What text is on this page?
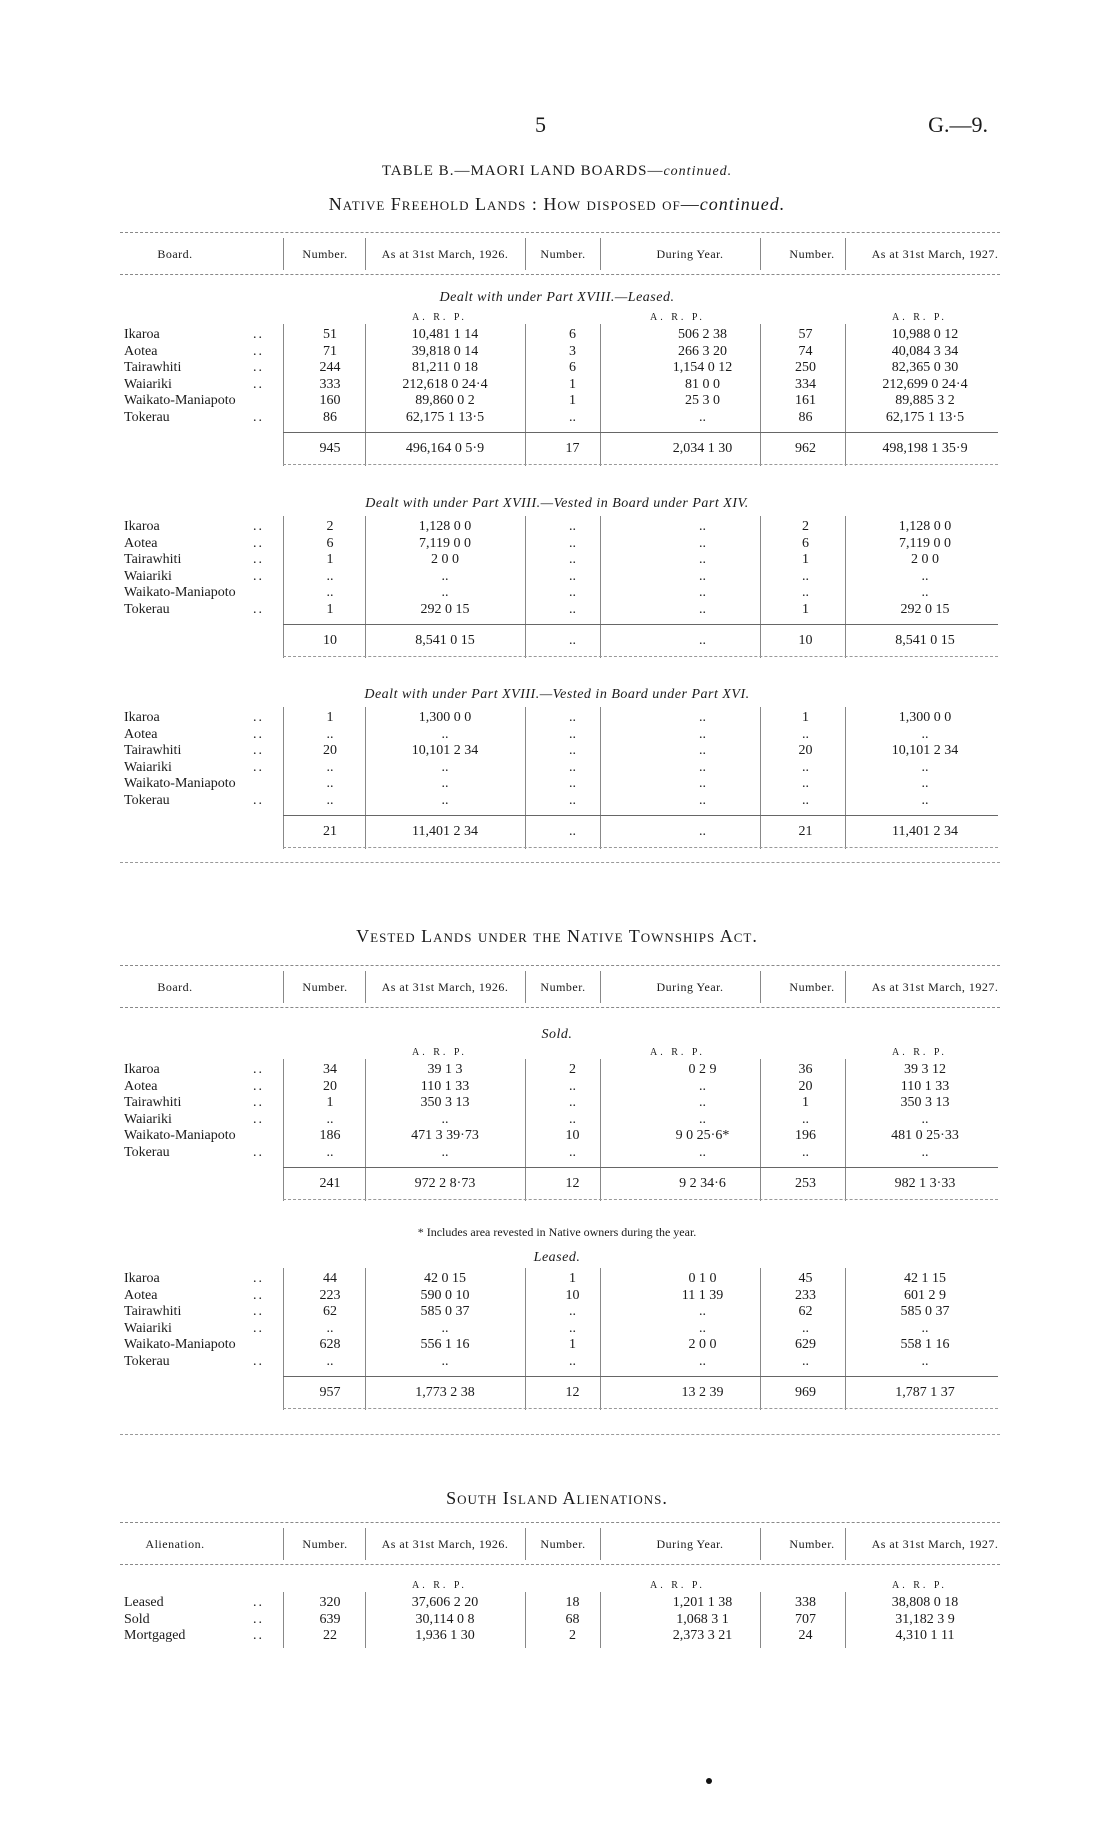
5	G.—9.
TABLE B.—MAORI LAND BOARDS—continued.
Native Freehold Lands : How disposed of—continued.
Board.	Number.	As at 31st March, 1926.	Number.	During Year.	Number.	As at 31st March, 1927.
Dealt with under Part XVIII.—Leased.
A. R. P.	A. R. P.	A. R. P.
Ikaroa	..	51	10,481 1 14	6	506 2 38	57	10,988 0 12
Aotea	..	71	39,818 0 14	3	266 3 20	74	40,084 3 34
Tairawhiti	..	244	81,211 0 18	6	1,154 0 12	250	82,365 0 30
Waiariki	..	333	212,618 0 24·4	1	81 0 0	334	212,699 0 24·4
Waikato-Maniapoto	160	89,860 0 2	1	25 3 0	161	89,885 3 2
Tokerau	..	86	62,175 1 13·5	..	..	86	62,175 1 13·5
945	496,164 0 5·9	17	2,034 1 30	962	498,198 1 35·9
Dealt with under Part XVIII.—Vested in Board under Part XIV.
Ikaroa	..	2	1,128 0 0	..	..	2	1,128 0 0
Aotea	..	6	7,119 0 0	..	..	6	7,119 0 0
Tairawhiti	..	1	2 0 0	..	..	1	2 0 0
Waiariki	..	..	..	..	..	..	..
Waikato-Maniapoto	..	..	..	..	..	..
Tokerau	..	1	292 0 15	..	..	1	292 0 15
10	8,541 0 15	..	..	10	8,541 0 15
Dealt with under Part XVIII.—Vested in Board under Part XVI.
Ikaroa	..	1	1,300 0 0	..	..	1	1,300 0 0
Aotea	..	..	..	..	..	..	..
Tairawhiti	..	20	10,101 2 34	..	..	20	10,101 2 34
Waiariki	..	..	..	..	..	..	..
Waikato-Maniapoto	..	..	..	..	..	..
Tokerau	..	..	..	..	..	..	..
21	11,401 2 34	..	..	21	11,401 2 34
Vested Lands under the Native Townships Act.
Board.	Number.	As at 31st March, 1926.	Number.	During Year.	Number.	As at 31st March, 1927.
Sold.
A. R. P.	A. R. P.	A. R. P.
Ikaroa	..	34	39 1 3	2	0 2 9	36	39 3 12
Aotea	..	20	110 1 33	..	..	20	110 1 33
Tairawhiti	..	1	350 3 13	..	..	1	350 3 13
Waiariki	..	..	..	..	..	..	..
Waikato-Maniapoto	186	471 3 39·73	10	9 0 25·6*	196	481 0 25·33
Tokerau	..	..	..	..	..	..	..
241	972 2 8·73	12	9 2 34·6	253	982 1 3·33
* Includes area revested in Native owners during the year.
Leased.
Ikaroa	..	44	42 0 15	1	0 1 0	45	42 1 15
Aotea	..	223	590 0 10	10	11 1 39	233	601 2 9
Tairawhiti	..	62	585 0 37	..	..	62	585 0 37
Waiariki	..	..	..	..	..	..	..
Waikato-Maniapoto	628	556 1 16	1	2 0 0	629	558 1 16
Tokerau	..	..	..	..	..	..	..
957	1,773 2 38	12	13 2 39	969	1,787 1 37
South Island Alienations.
Alienation.	Number.	As at 31st March, 1926.	Number.	During Year.	Number.	As at 31st March, 1927.
A. R. P.	A. R. P.	A. R. P.
Leased	..	320	37,606 2 20	18	1,201 1 38	338	38,808 0 18
Sold	..	639	30,114 0 8	68	1,068 3 1	707	31,182 3 9
Mortgaged	..	22	1,936 1 30	2	2,373 3 21	24	4,310 1 11
